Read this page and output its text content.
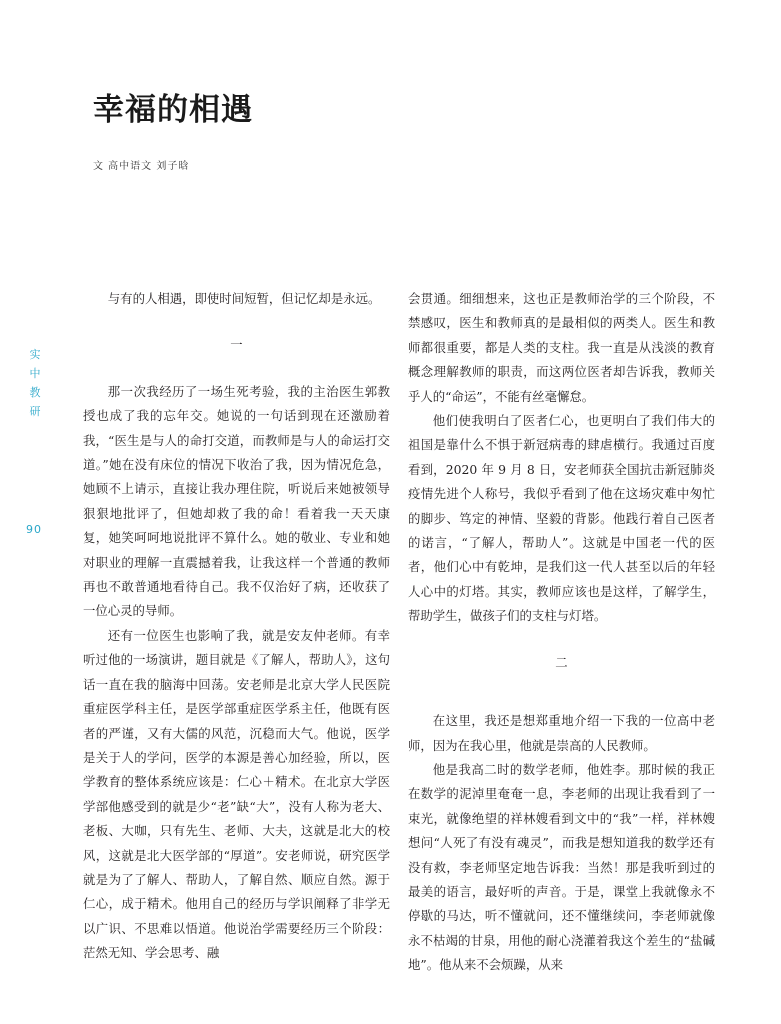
幸福的相遇
文 高中语文 刘子晗
实
中
教
研
90

与有的人相遇，即使时间短暂，但记忆却是永远。

一

那一次我经历了一场生死考验，我的主治医生郭教授也成了我的忘年交。她说的一句话到现在还激励着我，“医生是与人的命打交道，而教师是与人的命运打交道。”她在没有床位的情况下收治了我，因为情况危急，她顾不上请示，直接让我办理住院，听说后来她被领导狠狠地批评了，但她却救了我的命！看着我一天天康复，她笑呵呵地说批评不算什么。她的敬业、专业和她对职业的理解一直震撼着我，让我这样一个普通的教师再也不敢普通地看待自己。我不仅治好了病，还收获了一位心灵的导师。

还有一位医生也影响了我，就是安友仲老师。有幸听过他的一场演讲，题目就是《了解人，帮助人》，这句话一直在我的脑海中回荡。安老师是北京大学人民医院重症医学科主任，是医学部重症医学系主任，他既有医者的严谨，又有大儒的风范，沉稳而大气。他说，医学是关于人的学问，医学的本源是善心加经验，所以，医学教育的整体系统应该是：仁心＋精术。在北京大学医学部他感受到的就是少“老”缺“大”，没有人称为老大、老板、大咖，只有先生、老师、大夫，这就是北大的校风，这就是北大医学部的“厚道”。安老师说，研究医学就是为了了解人、帮助人，了解自然、顺应自然。源于仁心，成于精术。他用自己的经历与学识阐释了非学无以广识、不思难以悟道。他说治学需要经历三个阶段：茫然无知、学会思考、融

会贯通。细细想来，这也正是教师治学的三个阶段，不禁感叹，医生和教师真的是最相似的两类人。医生和教师都很重要，都是人类的支柱。我一直是从浅淡的教育概念理解教师的职责，而这两位医者却告诉我，教师关乎人的“命运”，不能有丝毫懈怠。

他们使我明白了医者仁心，也更明白了我们伟大的祖国是靠什么不惧于新冠病毒的肆虐横行。我通过百度看到，2020 年 9 月 8 日，安老师获全国抗击新冠肺炎疫情先进个人称号，我似乎看到了他在这场灾难中匆忙的脚步、笃定的神情、坚毅的背影。他践行着自己医者的诺言，“了解人，帮助人”。这就是中国老一代的医者，他们心中有乾坤，是我们这一代人甚至以后的年轻人心中的灯塔。其实，教师应该也是这样，了解学生，帮助学生，做孩子们的支柱与灯塔。

二

在这里，我还是想郑重地介绍一下我的一位高中老师，因为在我心里，他就是崇高的人民教师。

他是我高二时的数学老师，他姓李。那时候的我正在数学的泥淖里奄奄一息，李老师的出现让我看到了一束光，就像绝望的祥林嫂看到文中的“我”一样，祥林嫂想问“人死了有没有魂灵”，而我是想知道我的数学还有没有救，李老师坚定地告诉我：当然！那是我听到过的最美的语言，最好听的声音。于是，课堂上我就像永不停歇的马达，听不懂就问，还不懂继续问，李老师就像永不枯竭的甘泉，用他的耐心浇灌着我这个差生的“盐碱地”。他从来不会烦躁，从来
